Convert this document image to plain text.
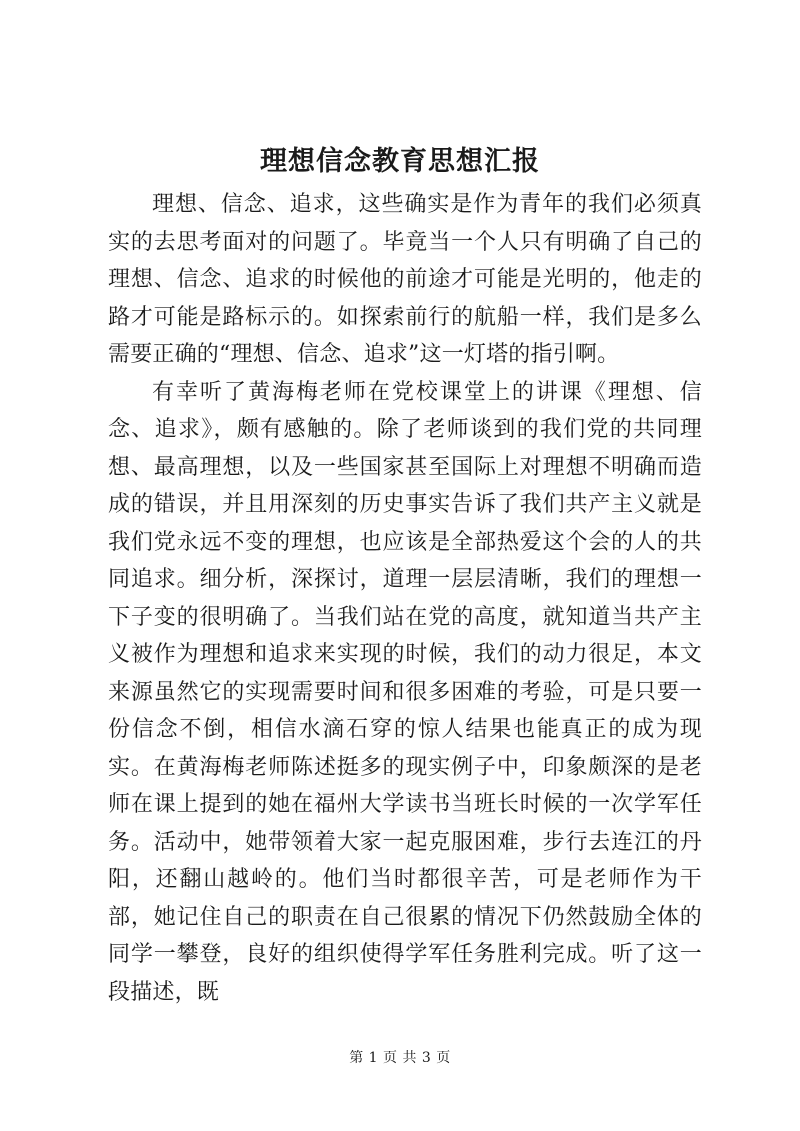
理想信念教育思想汇报

理想、信念、追求，这些确实是作为青年的我们必须真实的去思考面对的问题了。毕竟当一个人只有明确了自己的理想、信念、追求的时候他的前途才可能是光明的，他走的路才可能是路标示的。如探索前行的航船一样，我们是多么需要正确的“理想、信念、追求”这一灯塔的指引啊。

有幸听了黄海梅老师在党校课堂上的讲课《理想、信念、追求》，颇有感触的。除了老师谈到的我们党的共同理想、最高理想，以及一些国家甚至国际上对理想不明确而造成的错误，并且用深刻的历史事实告诉了我们共产主义就是我们党永远不变的理想，也应该是全部热爱这个会的人的共同追求。细分析，深探讨，道理一层层清晰，我们的理想一下子变的很明确了。当我们站在党的高度，就知道当共产主义被作为理想和追求来实现的时候，我们的动力很足，本文来源虽然它的实现需要时间和很多困难的考验，可是只要一份信念不倒，相信水滴石穿的惊人结果也能真正的成为现实。在黄海梅老师陈述挺多的现实例子中，印象颇深的是老师在课上提到的她在福州大学读书当班长时候的一次学军任务。活动中，她带领着大家一起克服困难，步行去连江的丹阳，还翻山越岭的。他们当时都很辛苦，可是老师作为干部，她记住自己的职责在自己很累的情况下仍然鼓励全体的同学一攀登，良好的组织使得学军任务胜利完成。听了这一段描述，既

第 1 页 共 3 页
